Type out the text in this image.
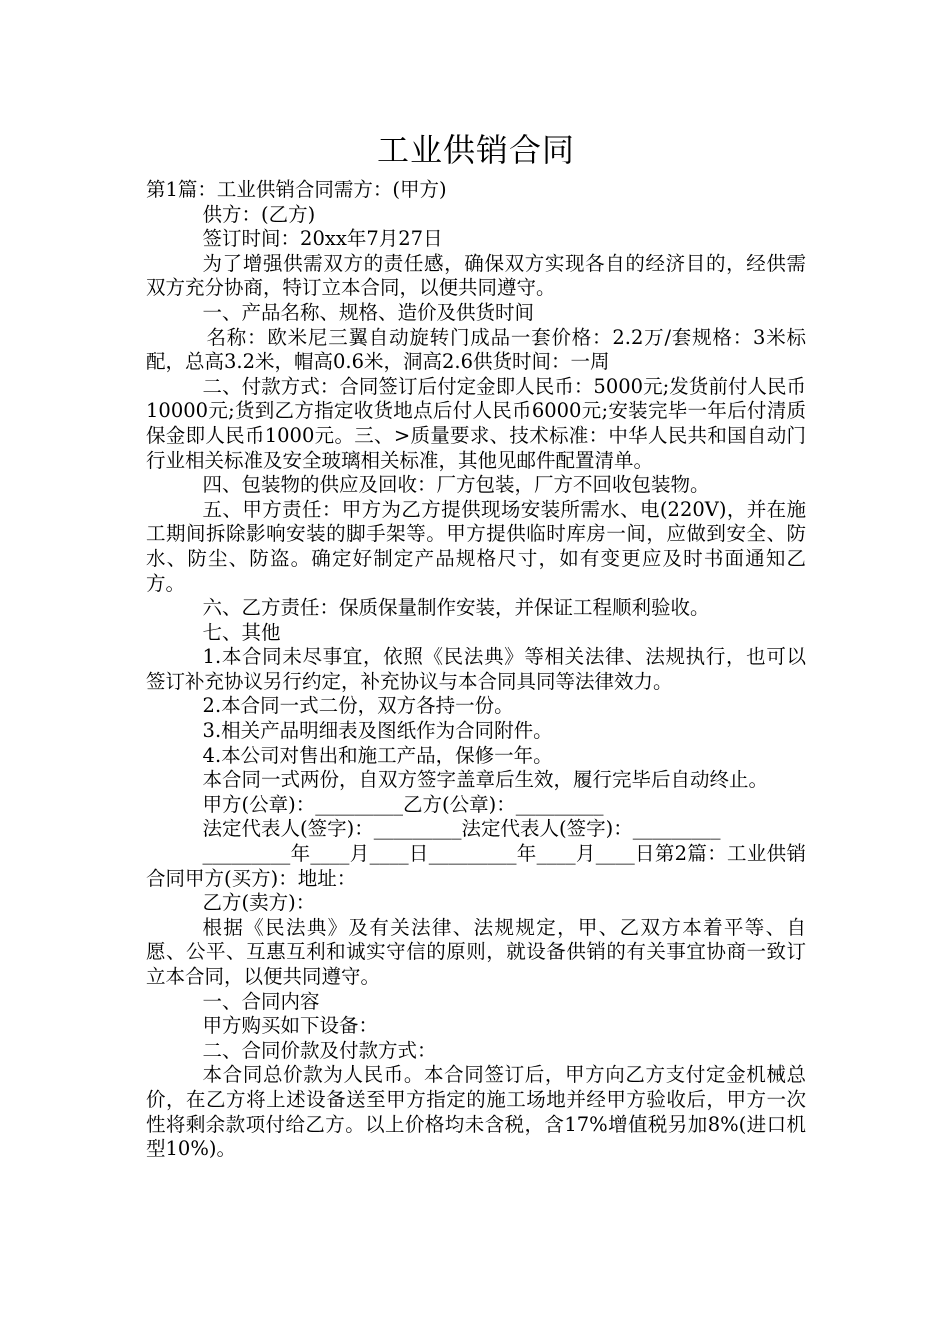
工业供销合同

第1篇：工业供销合同需方：(甲方)

供方：(乙方)

签订时间：20xx年7月27日

为了增强供需双方的责任感，确保双方实现各自的经济目的，经供需双方充分协商，特订立本合同，以便共同遵守。

一、产品名称、规格、造价及供货时间

名称：欧米尼三翼自动旋转门成品一套价格：2.2万/套规格：3米标配，总高3.2米，帽高0.6米，洞高2.6供货时间：一周

二、付款方式：合同签订后付定金即人民币：5000元;发货前付人民币10000元;货到乙方指定收货地点后付人民币6000元;安装完毕一年后付清质保金即人民币1000元。三、>质量要求、技术标准：中华人民共和国自动门行业相关标准及安全玻璃相关标准，其他见邮件配置清单。

四、包装物的供应及回收：厂方包装，厂方不回收包装物。

五、甲方责任：甲方为乙方提供现场安装所需水、电(220V)，并在施工期间拆除影响安装的脚手架等。甲方提供临时库房一间，应做到安全、防水、防尘、防盗。确定好制定产品规格尺寸，如有变更应及时书面通知乙方。

六、乙方责任：保质保量制作安装，并保证工程顺利验收。

七、其他

1.本合同未尽事宜，依照《民法典》等相关法律、法规执行，也可以签订补充协议另行约定，补充协议与本合同具同等法律效力。

2.本合同一式二份，双方各持一份。

3.相关产品明细表及图纸作为合同附件。

4.本公司对售出和施工产品，保修一年。

本合同一式两份，自双方签字盖章后生效，履行完毕后自动终止。

甲方(公章)：_________乙方(公章)：_________

法定代表人(签字)：_________法定代表人(签字)：_________

_________年____月____日_________年____月____日第2篇：工业供销合同甲方(买方)：地址：

乙方(卖方)：

根据《民法典》及有关法律、法规规定，甲、乙双方本着平等、自愿、公平、互惠互利和诚实守信的原则，就设备供销的有关事宜协商一致订立本合同，以便共同遵守。

一、合同内容

甲方购买如下设备：

二、合同价款及付款方式：

本合同总价款为人民币。本合同签订后，甲方向乙方支付定金机械总价，在乙方将上述设备送至甲方指定的施工场地并经甲方验收后，甲方一次性将剩余款项付给乙方。以上价格均未含税，含17%增值税另加8%(进口机型10%)。
